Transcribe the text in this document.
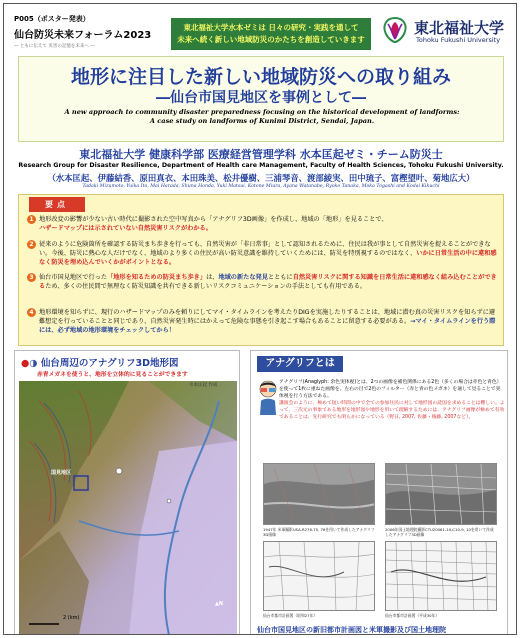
P005（ポスター発表）
仙台防災未来フォーラム2023
― ともに伝えて 災害の記憶を未来へ ―
東北福祉大学水本ゼミは 日々の研究・実践を通して
未来へ続く新しい地域防災のかたちを創造していきます
東北福祉大学
Tohoku Fukushi University
地形に注目した新しい地域防災への取り組み
―仙台市国見地区を事例として―
A new approach to community disaster preparedness focusing on the historical development of landforms:
A case study on landforms of Kunimi District, Sendai, Japan.
東北福祉大学 健康科学部 医療経営管理学科 水本匡起ゼミ・チーム防災士
Research Group for Disaster Resilience, Department of Health care Management, Faculty of Health Sciences, Tohoku Fukushi University.
（水本匡起、伊藤結香、原田真衣、本田珠美、松井優樹、三浦琴音、渡部綾実、田中琉子、富樫望叶、菊地広大）
Tadaki Mizumoto, Yuika Ito, Mai Harada, Shuna Honda, Yuki Matsui, Kotone Miura, Ayana Watanabe, Ryoko Tanaka, Moka Togashi and Kodai Kikuchi
要点
1 地形改変の影響が少ない古い時代に撮影された空中写真から「アナグリフ3D画像」を作成し、地域の「地形」を見ることで、
ハザードマップには示されていない自然災害リスクがわかる。
2 従来のように危険箇所を確認する防災まち歩きを行っても、自然災害が「非日常事」として認知されるために、住民は我が事として自然災害を捉えることができない。今後、防災に熱心な人だけでなく、地域のより多くの住民が高い防災意識を維持していくためには、防災を特別視するのではなく、いかに日常生活の中に違和感なく防災を埋め込んでいくかがポイントとなる。
3 仙台市国見地区で行った「地形を知るための防災まち歩き」は、地域の新たな発見とともに自然災害リスクに関する知識を日常生活に違和感なく組み込むことができるため、多くの住民間で無理なく防災知識を共有できる新しいリスクコミュニケーションの手法としても有用である。
4 地形環境を知らずに、現行のハザードマップのみを頼りにしてマイ・タイムラインを考えたりDIGを実施したりすることは、地域に潜む真の災害リスクを知らずに避難想定を行っていることと同じであり、自然災害発生時にはかえって危険な事態を引き起こす場合もあることに留意する必要がある。→マイ・タイムラインを行う際には、必ず地域の地形環境をチェックしてから！
●◑ 仙台周辺のアナグリフ3D地形図
赤青メガネを使うと、地形を立体的に見ることができます
国見地区
水本匡起 作成
▲N
2 (km)
アナグリフとは
アナグリフ(Anaglyph: 余色実体視)とは、2つの画像を補色関係にある2色（多くの場合は赤色と青色）を使って1枚に重ねた画像を、左右の目で2色のフィルター（赤と青の色メガネ）を通して見ることで実体視を行う方法である。
講演会のように、極めて短い時間の中で全ての参加住民に対して地形図の読図を求めることは難しい。よって、三次元の事象である地形を地形図や地形を用いて理解するためには、アナグリフ画像が極めて有効であることは、先行研究でも明らかになっている（野日, 2007, 佐藤・後藤, 2007など）。
1947年 米軍撮影USA-R276-75, 76を用いて作成したアナグリフ3D画像
2006年国土地理院撮影CTU20061-1X-C10-9, 10を用いて作成したアナグリフ3D画像
仙台市都市計画図（昭和27年）	仙台市都市計画図（平成30年）
仙台市国見地区の新旧都市計画図と米軍撮影及び国土地理院
